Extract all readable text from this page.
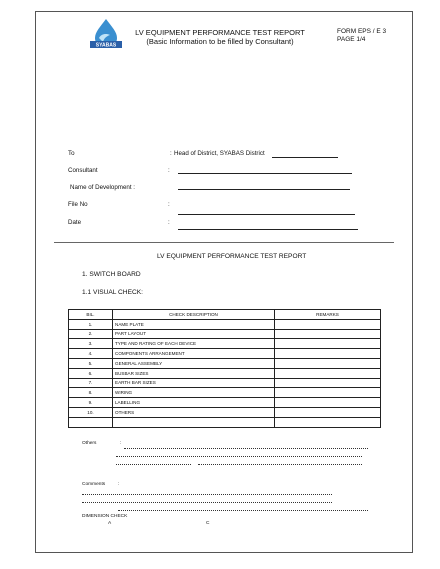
SYABAS
LV EQUIPMENT PERFORMANCE TEST REPORT
(Basic Information to be filled by Consultant)
FORM EPS / E 3
PAGE 1/4
To	: Head of District, SYABAS District
Consultant	:
Name of Development :
File No	:
Date	:
LV EQUIPMENT PERFORMANCE TEST REPORT
1. SWITCH BOARD
1.1 VISUAL CHECK:
BIL.	CHECK DESCRIPTION	REMARKS
1.	NAME PLATE	
2.	PART LAYOUT	
3.	TYPE AND RATING OF EACH DEVICE	
4.	COMPONENTS ARRANGEMENT	
5.	GENERAL ASSEMBLY	
6.	BUSBAR SIZES	
7.	EARTH BAR SIZES	
8.	WIRING	
9.	LABELLING	
10.	OTHERS	

Others	:
Comments	:
DIMENSION CHECK
A	C
